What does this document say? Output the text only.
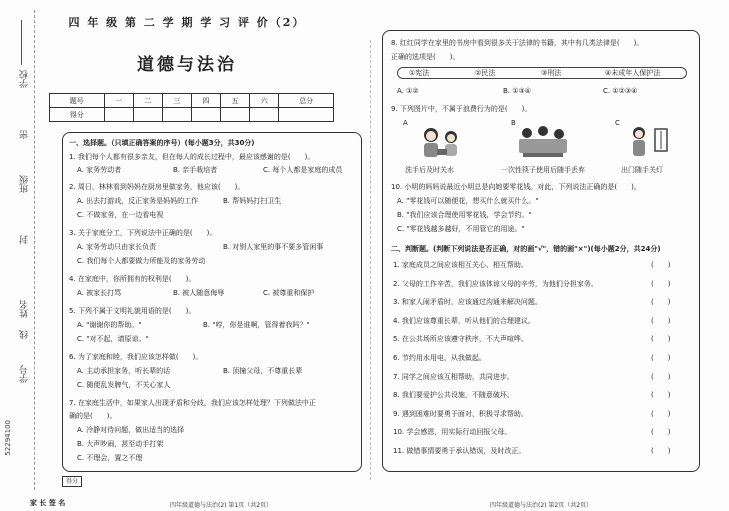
学校
密
班级
封
姓名
线
学号
52294100
四 年 级 第 二 学 期 学 习 评 价（2）
道德与法治
题号	一	二	三	四	五	六	总分
得分							
一、选择题。（只填正确答案的序号）(每小题3分，共30分)
1. 我们每个人都有很多亲友，但在每人的成长过程中，最应该感谢的是(　　)。
A. 家务劳动者	B. 亲手栽培者	C. 每个人都是家庭的成员
2. 周日，林林看到妈妈在厨房里做家务，他应该(　　)。
A. 出去打游戏，反正家务是妈妈的工作	B. 帮妈妈打扫卫生
C. 不做家务，在一边看电视
3. 关于家庭分工，下列说法中正确的是(　　)。
A. 家务劳动只由家长负责	B. 对别人家里的事不要多管闲事
C. 我们每个人都要做力所能及的家务劳动
4. 在家庭中，你所拥有的权利是(　　)。
A. 被家长打骂	B. 被人随意侮辱	C. 被尊重和保护
5. 下列不属于文明礼貌用语的是(　　)。
A. "谢谢你的帮助。"	B. "哼，你是谁啊，管得着我吗？"
C. "对不起，请原谅。"
6. 为了家庭和睦，我们应该怎样做(　　)。
A. 主动承担家务，听长辈的话	B. 顶撞父母，不尊重长辈
C. 随便乱发脾气，不关心家人
7. 在家庭生活中，如果家人出现矛盾和分歧，我们应该怎样处理？下列做法中正
确的是(　　)。
A. 冷静对待问题，做出适当的选择
B. 大声吵闹，甚至动手打架
C. 不理会，置之不理
得分
四年级道德与法治(2) 第1页（共2页）
家 长 签 名
8. 红红同学在家里的书房中看到很多关于法律的书籍，其中有几类法律是(　　)。
正确的选项是(　　)。
①宪法	②民法	③刑法	④未成年人保护法
A. ①②	B. ①③④	C. ①②③④
9. 下列图片中，不属于浪费行为的是(　　)。
A	B	C
洗手后及时关水	一次性筷子使用后随手丢弃	出门随手关灯
10. 小明的妈妈说最近小明总是向她要零花钱。对此，下列说法正确的是(　　)。
A. "零花钱可以随便花，想买什么就买什么。"
B. "我们应该合理使用零花钱，学会节约。"
C. "零花钱越多越好，不用管它的用途。"
二、判断题。(判断下列说法是否正确，对的画"√"，错的画"×")(每小题2分，共24分)
1. 家庭成员之间应该相互关心、相互帮助。	(　　)
2. 父母的工作辛苦，我们应该体谅父母的辛劳，为他们分担家务。	(　　)
3. 和家人闹矛盾时，应该通过沟通来解决问题。	(　　)
4. 我们应该尊重长辈，听从他们的合理建议。	(　　)
5. 在公共场所应该遵守秩序，不大声喧哗。	(　　)
6. 节约用水用电，从我做起。	(　　)
7. 同学之间应该互相帮助，共同进步。	(　　)
8. 我们要爱护公共设施，不随意破坏。	(　　)
9. 遇到困难时要勇于面对，积极寻求帮助。	(　　)
10. 学会感恩，用实际行动回报父母。	(　　)
11. 做错事情要勇于承认错误，及时改正。	(　　)
四年级道德与法治(2) 第2页（共2页）
